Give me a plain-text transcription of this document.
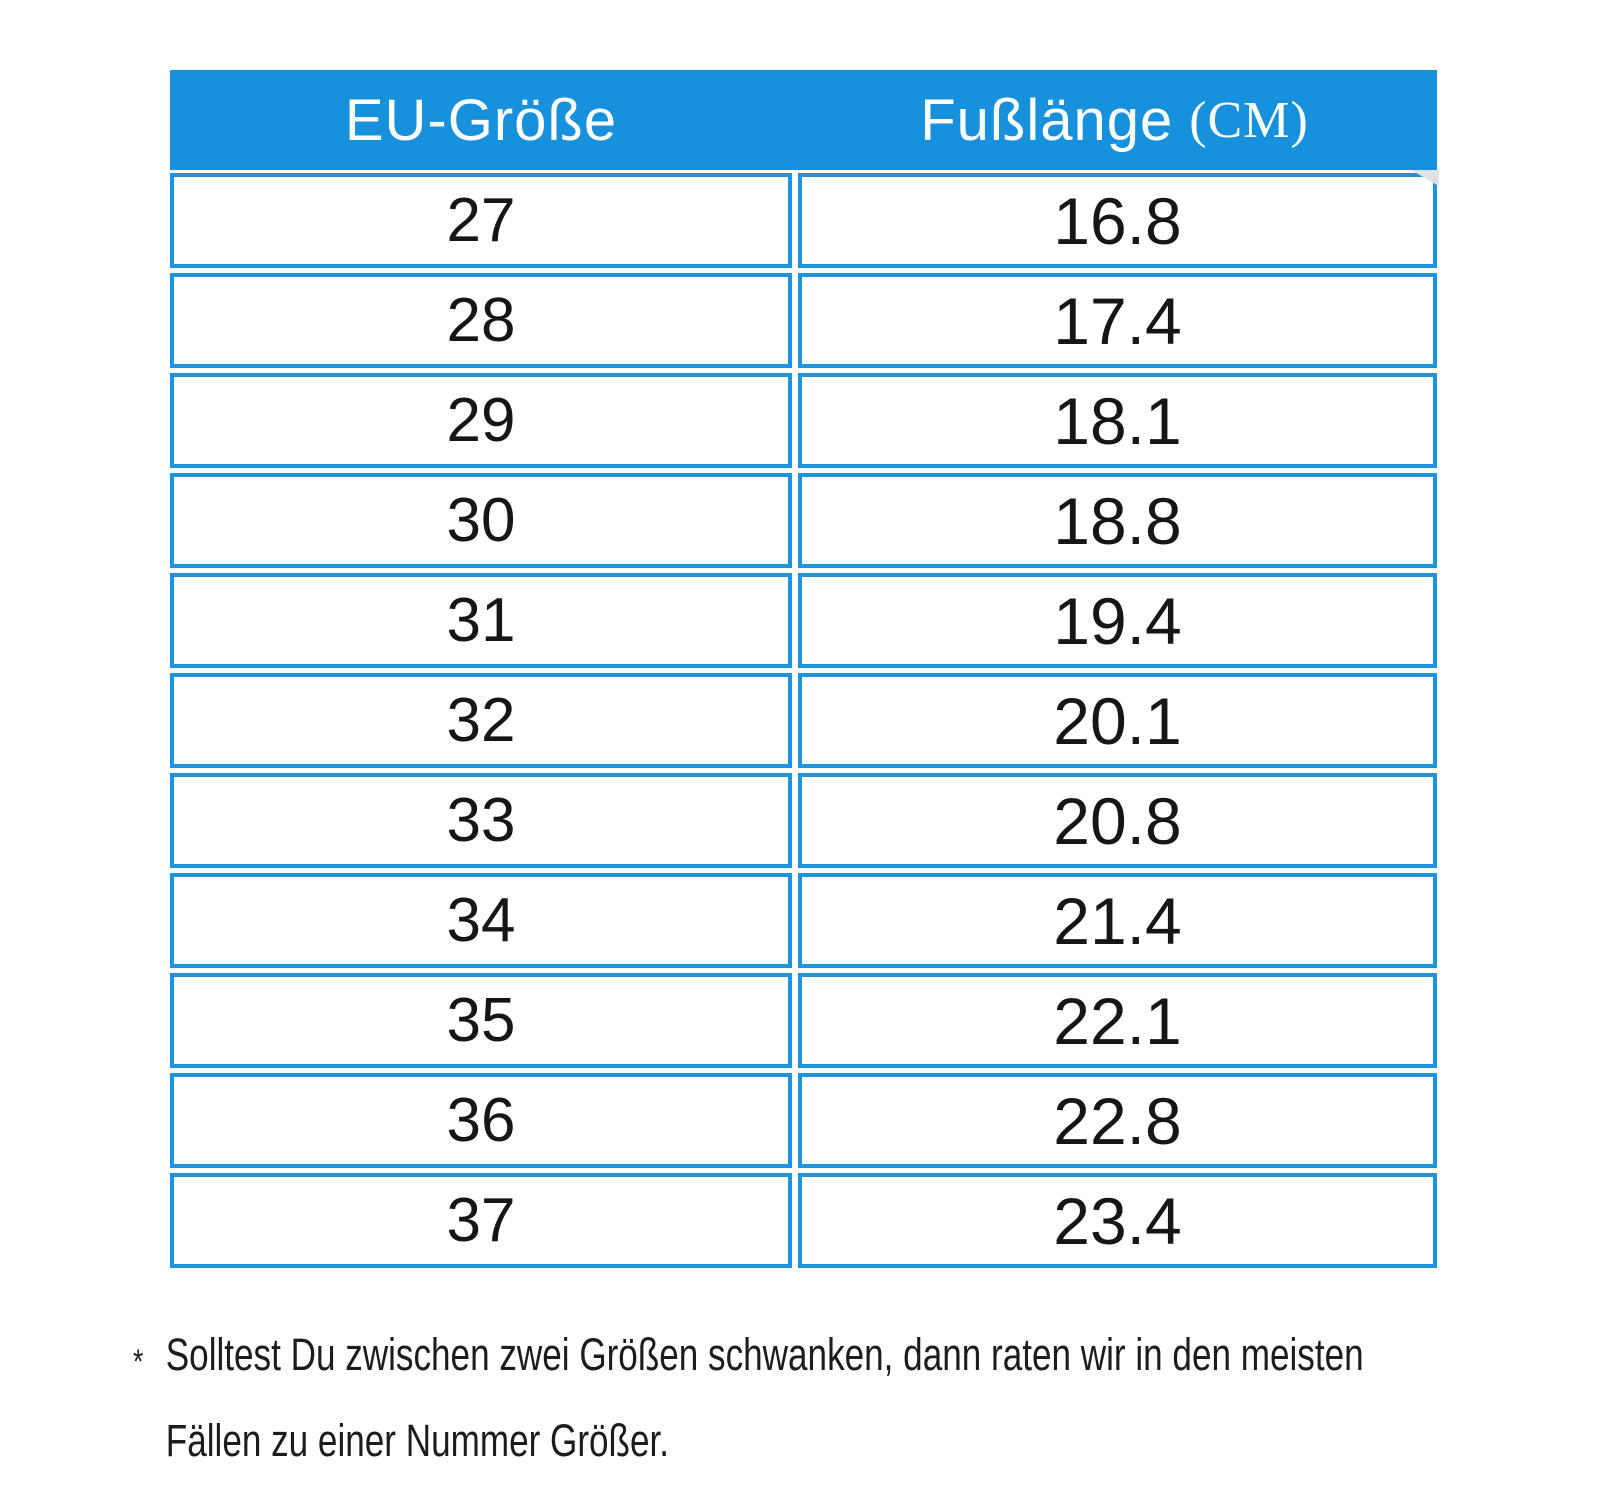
EU-Größe	Fußlänge (CM)
27	16.8
28	17.4
29	18.1
30	18.8
31	19.4
32	20.1
33	20.8
34	21.4
35	22.1
36	22.8
37	23.4
* Solltest Du zwischen zwei Größen schwanken, dann raten wir in den meisten
Fällen zu einer Nummer Größer.
